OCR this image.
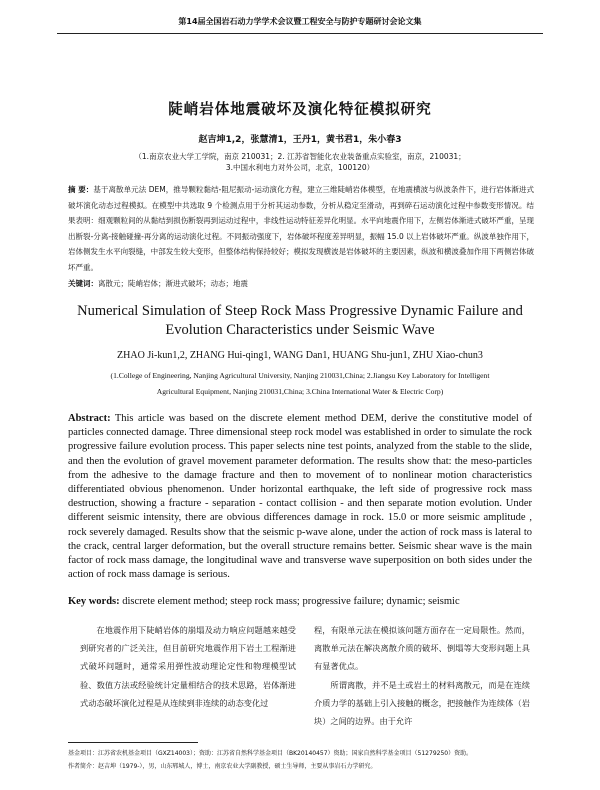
第14届全国岩石动力学学术会议暨工程安全与防护专题研讨会论文集
陡峭岩体地震破坏及演化特征模拟研究
赵吉坤1,2，张慧清1，王丹1，黄书君1，朱小春3
（1.南京农业大学工学院，南京 210031；2. 江苏省智能化农业装备重点实验室，南京，210031；
3.中国水利电力对外公司，北京，100120）
摘 要：基于离散单元法 DEM，推导颗粒黏结-阻尼振动-运动演化方程，建立三维陡峭岩体模型，在地震横波与纵波条件下，进行岩体渐进式破坏演化动态过程模拟。在模型中共选取 9 个检测点用于分析其运动参数，分析从稳定至滑动，再到碎石运动演化过程中参数变形情况。结果表明：细观颗粒间的从黏结到损伤断裂再到运动过程中，非线性运动特征差异化明显。水平向地震作用下，左侧岩体渐进式破坏严重，呈现出断裂-分离-接触碰撞-再分离的运动演化过程。不同振动强度下，岩体破坏程度差异明显，振幅 15.0 以上岩体破坏严重。纵波单独作用下，岩体侧发生水平向裂缝，中部发生较大变形，但整体结构保持较好；模拟发现横波是岩体破坏的主要因素，纵波和横波叠加作用下两侧岩体破坏严重。
关键词：离散元；陡峭岩体；渐进式破坏；动态；地震
Numerical Simulation of Steep Rock Mass Progressive Dynamic Failure and
Evolution Characteristics under Seismic Wave
ZHAO Ji-kun1,2, ZHANG Hui-qing1, WANG Dan1, HUANG Shu-jun1, ZHU Xiao-chun3
(1.College of Engineering, Nanjing Agricultural University, Nanjing 210031,China; 2.Jiangsu Key Laboratory for Intelligent
Agricultural Equipment, Nanjing 210031,China; 3.China International Water & Electric Corp)
Abstract: This article was based on the discrete element method DEM, derive the constitutive model of particles connected damage. Three dimensional steep rock model was established in order to simulate the rock progressive failure evolution process. This paper selects nine test points, analyzed from the stable to the slide, and then the evolution of gravel movement parameter deformation. The results show that: the meso-particles from the adhesive to the damage fracture and then to movement of to nonlinear motion characteristics differentiated obvious phenomenon. Under horizontal earthquake, the left side of progressive rock mass destruction, showing a fracture - separation - contact collision - and then separate motion evolution. Under different seismic intensity, there are obvious differences damage in rock. 15.0 or more seismic amplitude , rock severely damaged. Results show that the seismic p-wave alone, under the action of rock mass is lateral to the crack, central larger deformation, but the overall structure remains better. Seismic shear wave is the main factor of rock mass damage, the longitudinal wave and transverse wave superposition on both sides under the action of rock mass damage is serious.
Key words: discrete element method; steep rock mass; progressive failure; dynamic; seismic
在地震作用下陡峭岩体的崩塌及动力响应问题越来越受到研究者的广泛关注，但目前研究地震作用下岩土工程渐进式破坏问题时，通常采用弹性波动理论定性和物理模型试验、数值方法或经验统计定量相结合的技术思路，岩体渐进式动态破坏演化过程是从连续到非连续的动态变化过

程，有限单元法在模拟该问题方面存在一定局限性。然而，离散单元法在解决离散介质的破坏、倒塌等大变形问题上具有显著优点。

所谓离散，并不是土或岩土的材料离散元，而是在连续介质力学的基础上引入接触的概念，把接触作为连续体（岩块）之间的边界。由于允许

基金项目：江苏省农机基金项目（GXZ14003）；资助：江苏省自然科学基金项目（BK20140457）资助；国家自然科学基金项目（51279250）资助。
作者简介：赵吉坤（1979-），男，山东郓城人，博士，南京农业大学副教授，硕士生导师，主要从事岩石力学研究。
